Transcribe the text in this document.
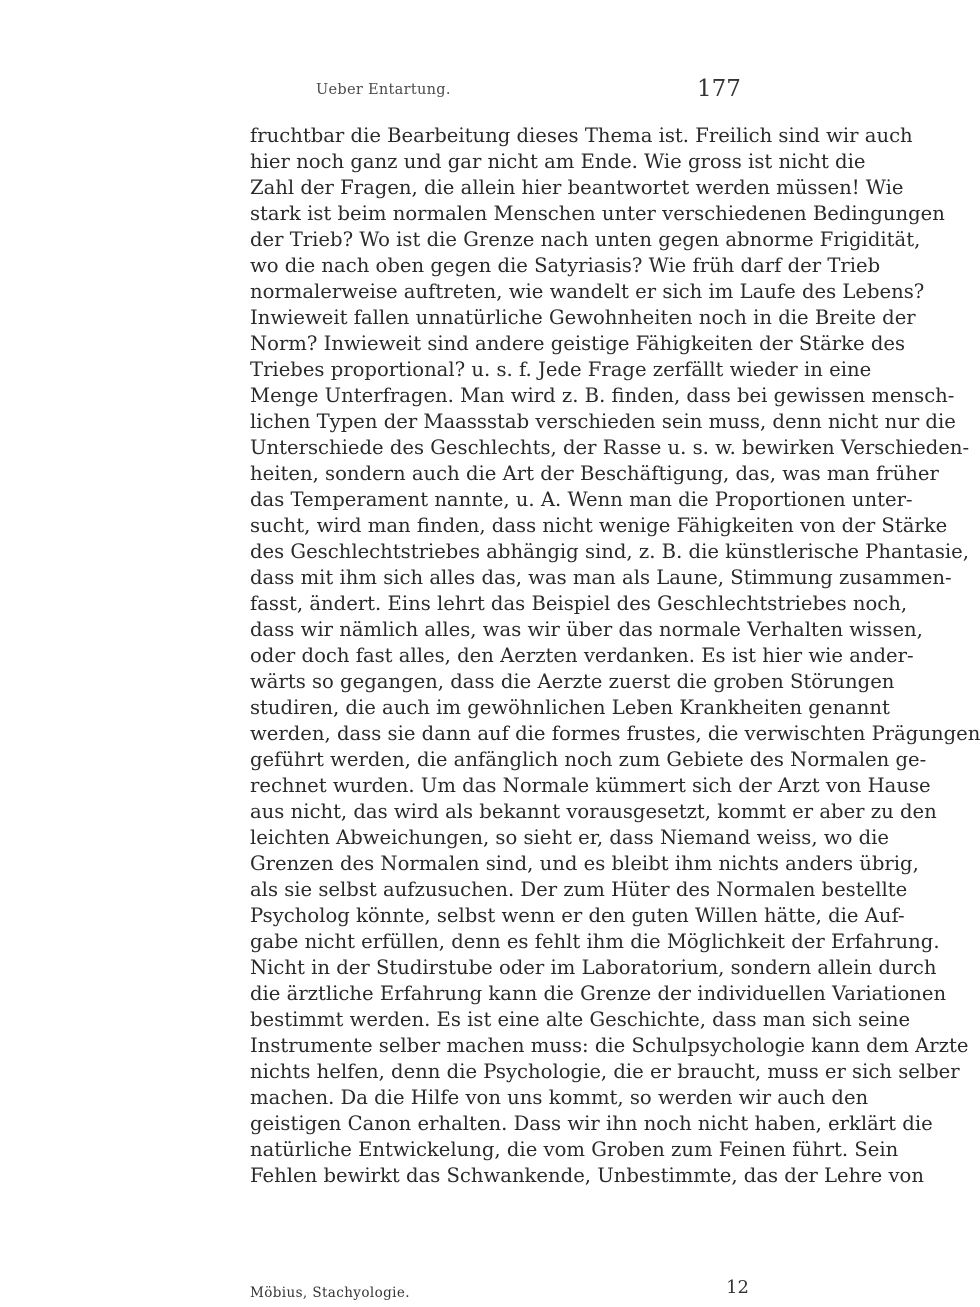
Ueber Entartung.	177
fruchtbar die Bearbeitung dieses Thema ist. Freilich sind wir auch
hier noch ganz und gar nicht am Ende. Wie gross ist nicht die
Zahl der Fragen, die allein hier beantwortet werden müssen! Wie
stark ist beim normalen Menschen unter verschiedenen Bedingungen
der Trieb? Wo ist die Grenze nach unten gegen abnorme Frigidität,
wo die nach oben gegen die Satyriasis? Wie früh darf der Trieb
normalerweise auftreten, wie wandelt er sich im Laufe des Lebens?
Inwieweit fallen unnatürliche Gewohnheiten noch in die Breite der
Norm? Inwieweit sind andere geistige Fähigkeiten der Stärke des
Triebes proportional? u. s. f. Jede Frage zerfällt wieder in eine
Menge Unterfragen. Man wird z. B. finden, dass bei gewissen mensch-
lichen Typen der Maassstab verschieden sein muss, denn nicht nur die
Unterschiede des Geschlechts, der Rasse u. s. w. bewirken Verschieden-
heiten, sondern auch die Art der Beschäftigung, das, was man früher
das Temperament nannte, u. A. Wenn man die Proportionen unter-
sucht, wird man finden, dass nicht wenige Fähigkeiten von der Stärke
des Geschlechtstriebes abhängig sind, z. B. die künstlerische Phantasie,
dass mit ihm sich alles das, was man als Laune, Stimmung zusammen-
fasst, ändert. Eins lehrt das Beispiel des Geschlechtstriebes noch,
dass wir nämlich alles, was wir über das normale Verhalten wissen,
oder doch fast alles, den Aerzten verdanken. Es ist hier wie ander-
wärts so gegangen, dass die Aerzte zuerst die groben Störungen
studiren, die auch im gewöhnlichen Leben Krankheiten genannt
werden, dass sie dann auf die formes frustes, die verwischten Prägungen
geführt werden, die anfänglich noch zum Gebiete des Normalen ge-
rechnet wurden. Um das Normale kümmert sich der Arzt von Hause
aus nicht, das wird als bekannt vorausgesetzt, kommt er aber zu den
leichten Abweichungen, so sieht er, dass Niemand weiss, wo die
Grenzen des Normalen sind, und es bleibt ihm nichts anders übrig,
als sie selbst aufzusuchen. Der zum Hüter des Normalen bestellte
Psycholog könnte, selbst wenn er den guten Willen hätte, die Auf-
gabe nicht erfüllen, denn es fehlt ihm die Möglichkeit der Erfahrung.
Nicht in der Studirstube oder im Laboratorium, sondern allein durch
die ärztliche Erfahrung kann die Grenze der individuellen Variationen
bestimmt werden. Es ist eine alte Geschichte, dass man sich seine
Instrumente selber machen muss: die Schulpsychologie kann dem Arzte
nichts helfen, denn die Psychologie, die er braucht, muss er sich selber
machen. Da die Hilfe von uns kommt, so werden wir auch den
geistigen Canon erhalten. Dass wir ihn noch nicht haben, erklärt die
natürliche Entwickelung, die vom Groben zum Feinen führt. Sein
Fehlen bewirkt das Schwankende, Unbestimmte, das der Lehre von
Möbius, Stachyologie.	12
